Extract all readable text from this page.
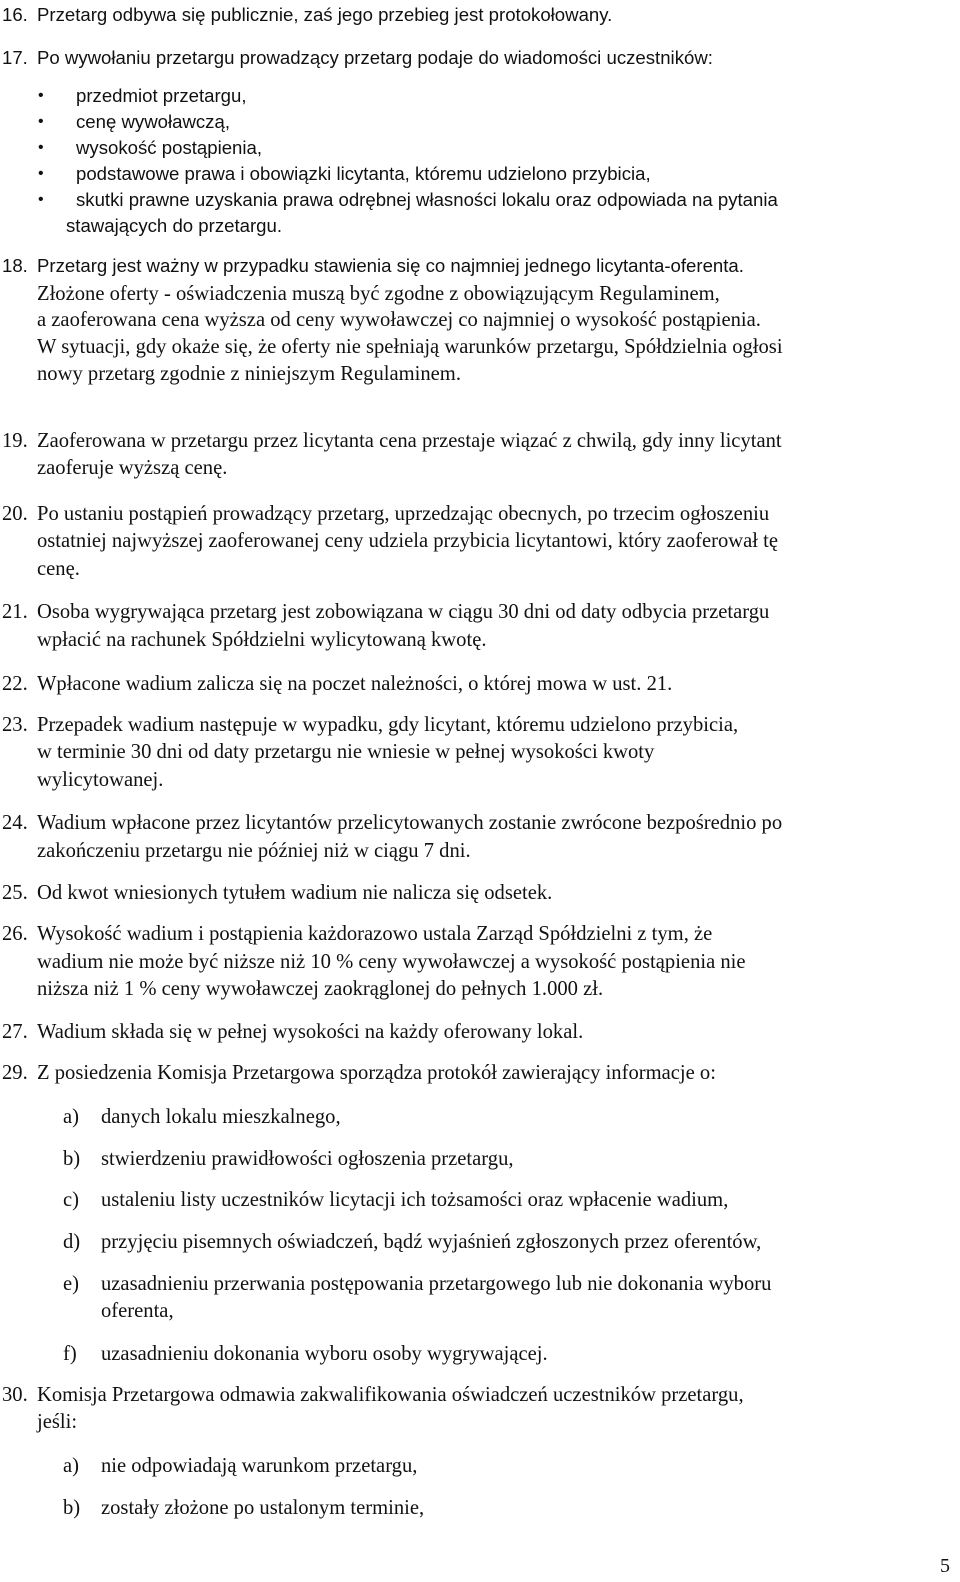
16. Przetarg odbywa się publicznie, zaś jego przebieg jest protokołowany.
17. Po wywołaniu przetargu prowadzący przetarg podaje do wiadomości uczestników:
• przedmiot przetargu,
• cenę wywoławczą,
• wysokość postąpienia,
• podstawowe prawa i obowiązki licytanta, któremu udzielono przybicia,
• skutki prawne uzyskania prawa odrębnej własności lokalu oraz odpowiada na pytania
stawających do przetargu.
18. Przetarg jest ważny w przypadku stawienia się co najmniej jednego licytanta-oferenta.
Złożone oferty - oświadczenia muszą być zgodne z obowiązującym Regulaminem,
a zaoferowana cena wyższa od ceny wywoławczej co najmniej o wysokość postąpienia.
W sytuacji, gdy okaże się, że oferty nie spełniają warunków przetargu, Spółdzielnia ogłosi
nowy przetarg zgodnie z niniejszym Regulaminem.
19. Zaoferowana w przetargu przez licytanta cena przestaje wiązać z chwilą, gdy inny licytant
zaoferuje wyższą cenę.
20. Po ustaniu postąpień prowadzący przetarg, uprzedzając obecnych, po trzecim ogłoszeniu
ostatniej najwyższej zaoferowanej ceny udziela przybicia licytantowi, który zaoferował tę
cenę.
21. Osoba wygrywająca przetarg jest zobowiązana w ciągu 30 dni od daty odbycia przetargu
wpłacić na rachunek Spółdzielni wylicytowaną kwotę.
22. Wpłacone wadium zalicza się na poczet należności, o której mowa w ust. 21.
23. Przepadek wadium następuje w wypadku, gdy licytant, któremu udzielono przybicia,
w terminie 30 dni od daty przetargu nie wniesie w pełnej wysokości kwoty
wylicytowanej.
24. Wadium wpłacone przez licytantów przelicytowanych zostanie zwrócone bezpośrednio po
zakończeniu przetargu nie później niż w ciągu 7 dni.
25. Od kwot wniesionych tytułem wadium nie nalicza się odsetek.
26. Wysokość wadium i postąpienia każdorazowo ustala Zarząd Spółdzielni z tym, że
wadium nie może być niższe niż 10 % ceny wywoławczej a wysokość postąpienia nie
niższa niż 1 % ceny wywoławczej zaokrąglonej do pełnych 1.000 zł.
27. Wadium składa się w pełnej wysokości na każdy oferowany lokal.
29. Z posiedzenia Komisja Przetargowa sporządza protokół zawierający informacje o:
a) danych lokalu mieszkalnego,
b) stwierdzeniu prawidłowości ogłoszenia przetargu,
c) ustaleniu listy uczestników licytacji ich tożsamości oraz wpłacenie wadium,
d) przyjęciu pisemnych oświadczeń, bądź wyjaśnień zgłoszonych przez oferentów,
e) uzasadnieniu przerwania postępowania przetargowego lub nie dokonania wyboru
oferenta,
f) uzasadnieniu dokonania wyboru osoby wygrywającej.
30. Komisja Przetargowa odmawia zakwalifikowania oświadczeń uczestników przetargu,
jeśli:
a) nie odpowiadają warunkom przetargu,
b) zostały złożone po ustalonym terminie,
5
